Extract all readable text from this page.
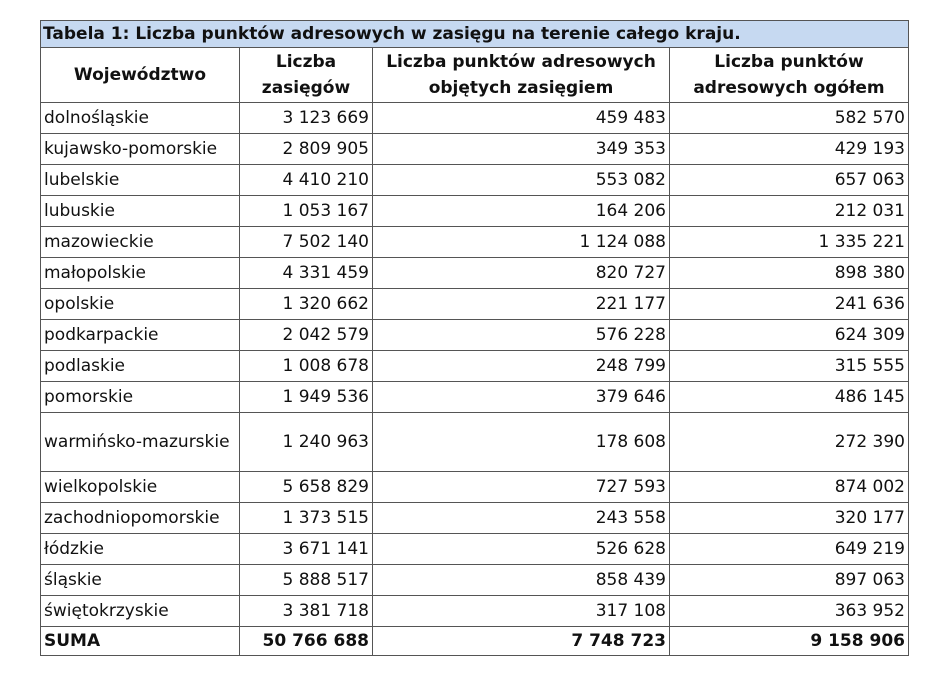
Tabela 1: Liczba punktów adresowych w zasięgu na terenie całego kraju.
Województwo	Liczba zasięgów	Liczba punktów adresowych objętych zasięgiem	Liczba punktów adresowych ogółem
dolnośląskie	3 123 669	459 483	582 570
kujawsko-pomorskie	2 809 905	349 353	429 193
lubelskie	4 410 210	553 082	657 063
lubuskie	1 053 167	164 206	212 031
mazowieckie	7 502 140	1 124 088	1 335 221
małopolskie	4 331 459	820 727	898 380
opolskie	1 320 662	221 177	241 636
podkarpackie	2 042 579	576 228	624 309
podlaskie	1 008 678	248 799	315 555
pomorskie	1 949 536	379 646	486 145
warmińsko-mazurskie	1 240 963	178 608	272 390
wielkopolskie	5 658 829	727 593	874 002
zachodniopomorskie	1 373 515	243 558	320 177
łódzkie	3 671 141	526 628	649 219
śląskie	5 888 517	858 439	897 063
świętokrzyskie	3 381 718	317 108	363 952
SUMA	50 766 688	7 748 723	9 158 906
